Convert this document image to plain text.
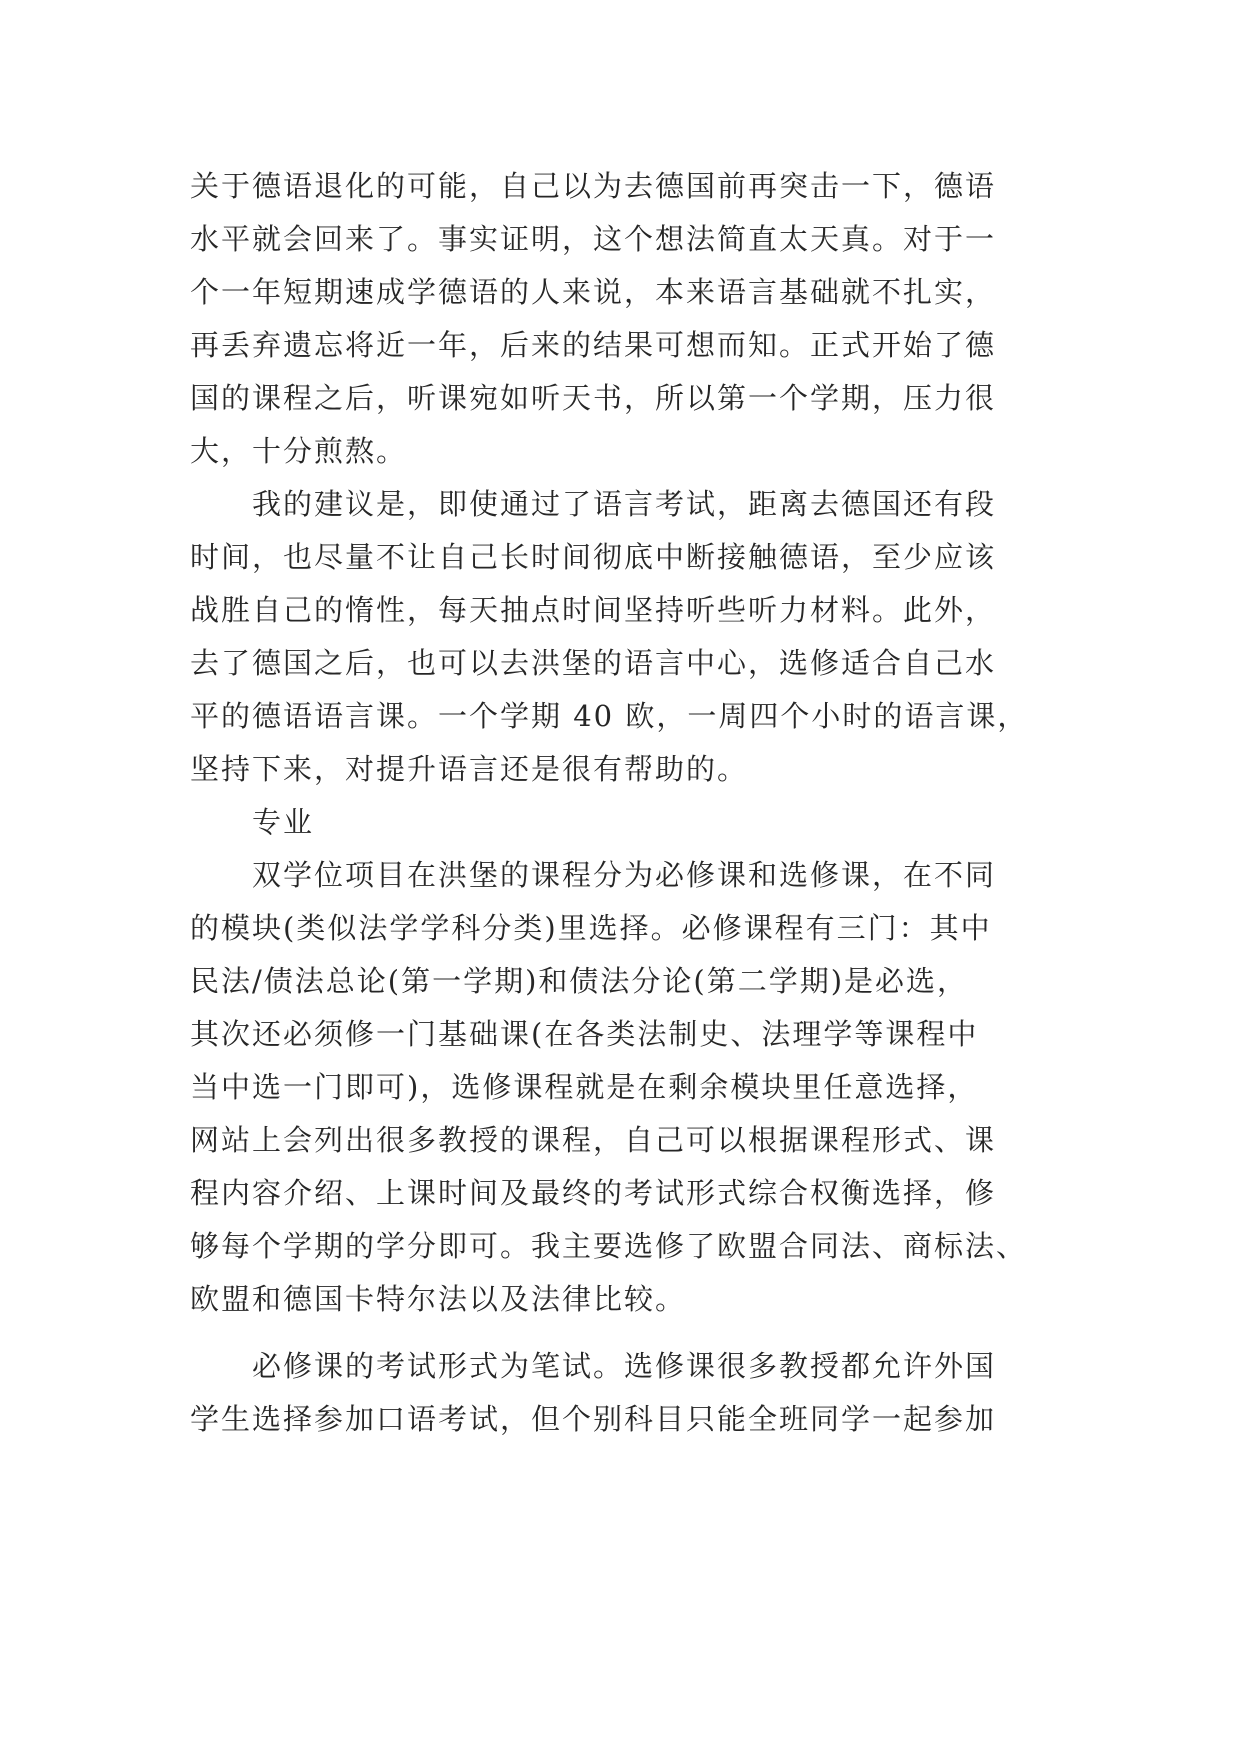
关于德语退化的可能，自己以为去德国前再突击一下，德语
水平就会回来了。事实证明，这个想法简直太天真。对于一
个一年短期速成学德语的人来说，本来语言基础就不扎实，
再丢弃遗忘将近一年，后来的结果可想而知。正式开始了德
国的课程之后，听课宛如听天书，所以第一个学期，压力很
大，十分煎熬。
我的建议是，即使通过了语言考试，距离去德国还有段
时间，也尽量不让自己长时间彻底中断接触德语，至少应该
战胜自己的惰性，每天抽点时间坚持听些听力材料。此外，
去了德国之后，也可以去洪堡的语言中心，选修适合自己水
平的德语语言课。一个学期 40 欧，一周四个小时的语言课，
坚持下来，对提升语言还是很有帮助的。
专业
双学位项目在洪堡的课程分为必修课和选修课，在不同
的模块(类似法学学科分类)里选择。必修课程有三门：其中
民法/债法总论(第一学期)和债法分论(第二学期)是必选，
其次还必须修一门基础课(在各类法制史、法理学等课程中
当中选一门即可)，选修课程就是在剩余模块里任意选择，
网站上会列出很多教授的课程，自己可以根据课程形式、课
程内容介绍、上课时间及最终的考试形式综合权衡选择，修
够每个学期的学分即可。我主要选修了欧盟合同法、商标法、
欧盟和德国卡特尔法以及法律比较。
必修课的考试形式为笔试。选修课很多教授都允许外国
学生选择参加口语考试，但个别科目只能全班同学一起参加
